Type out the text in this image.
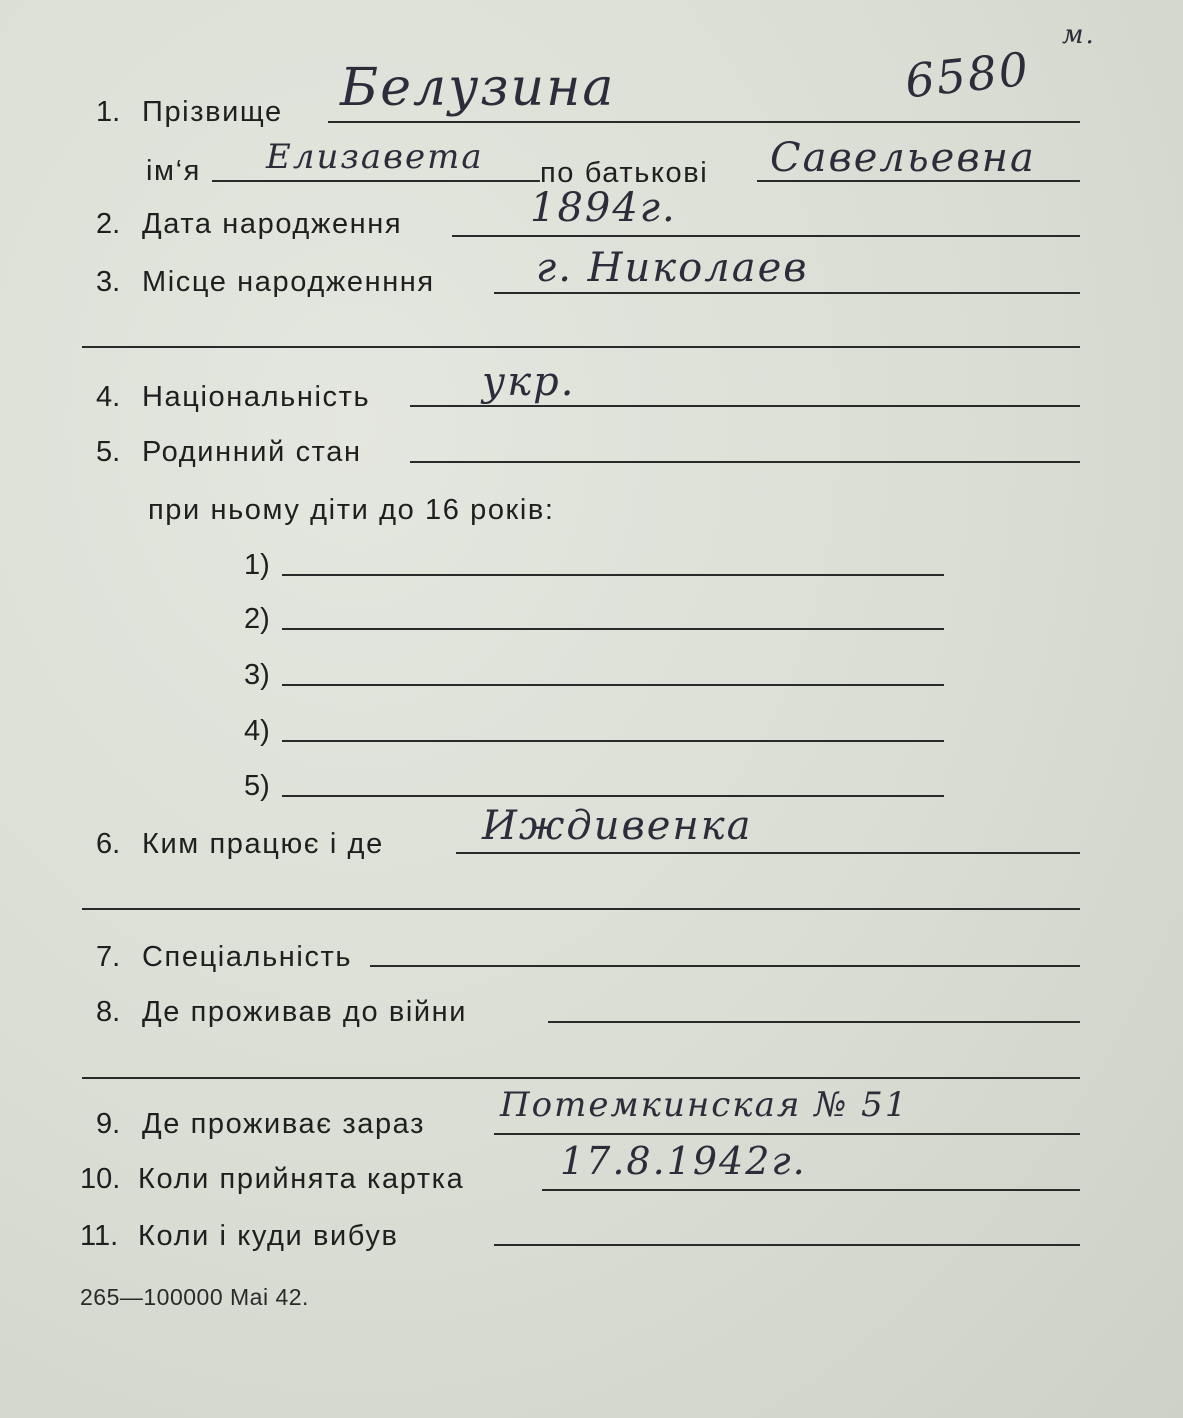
6580
м.
1. Прізвище Белузина
ім‘я Елизавета по батькові Савельевна
2. Дата народження	1894г.
3. Місце народженння	г. Николаев
4. Національність	укр.
5. Родинний стан
при ньому діти до 16 років:
1)
2)
3)
4)
5)
6. Ким працює і де Иждивенка
7. Спеціальність
8. Де проживав до війни
9. Де проживає зараз Потемкинская № 51
10. Коли прийнята картка	17.8.1942г.
11. Коли і куди вибув
265—100000 Mai 42.
